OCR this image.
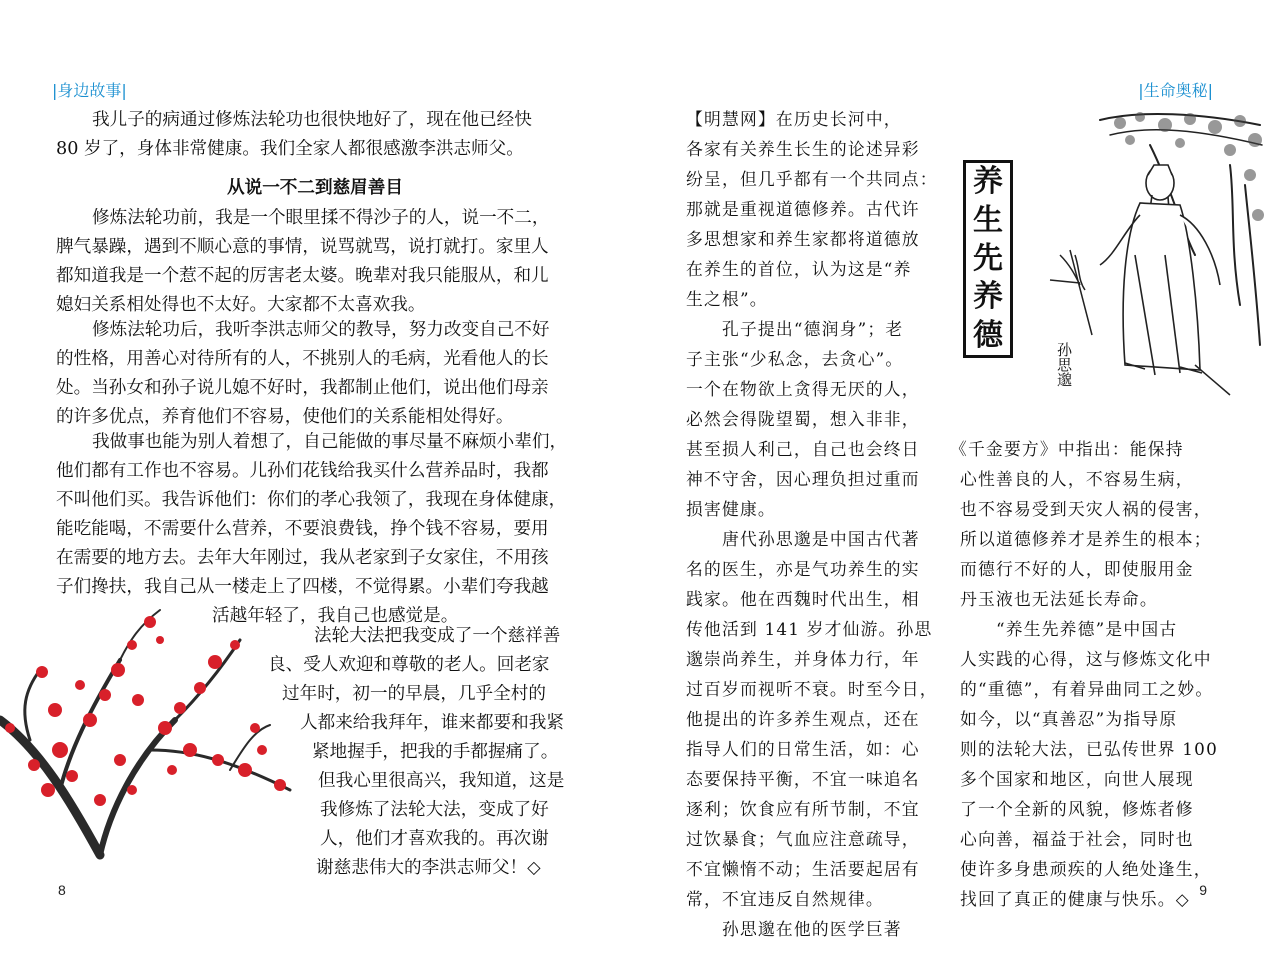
|身边故事|	|生命奥秘|
我儿子的病通过修炼法轮功也很快地好了，现在他已经快
80 岁了，身体非常健康。我们全家人都很感激李洪志师父。
从说一不二到慈眉善目
修炼法轮功前，我是一个眼里揉不得沙子的人，说一不二，
脾气暴躁，遇到不顺心意的事情，说骂就骂，说打就打。家里人
都知道我是一个惹不起的厉害老太婆。晚辈对我只能服从，和儿
媳妇关系相处得也不太好。大家都不太喜欢我。
修炼法轮功后，我听李洪志师父的教导，努力改变自己不好
的性格，用善心对待所有的人，不挑别人的毛病，光看他人的长
处。当孙女和孙子说儿媳不好时，我都制止他们，说出他们母亲
的许多优点，养育他们不容易，使他们的关系能相处得好。
我做事也能为别人着想了，自己能做的事尽量不麻烦小辈们，
他们都有工作也不容易。儿孙们花钱给我买什么营养品时，我都
不叫他们买。我告诉他们：你们的孝心我领了，我现在身体健康，
能吃能喝，不需要什么营养，不要浪费钱，挣个钱不容易，要用
在需要的地方去。去年大年刚过，我从老家到子女家住，不用孩
子们搀扶，我自己从一楼走上了四楼，不觉得累。小辈们夸我越
活越年轻了，我自己也感觉是。
法轮大法把我变成了一个慈祥善
良、受人欢迎和尊敬的老人。回老家
过年时，初一的早晨，几乎全村的
人都来给我拜年，谁来都要和我紧
紧地握手，把我的手都握痛了。
但我心里很高兴，我知道，这是
我修炼了法轮大法，变成了好
人，他们才喜欢我的。再次谢
谢慈悲伟大的李洪志师父！◇
8	9
【明慧网】在历史长河中，
各家有关养生长生的论述异彩
纷呈，但几乎都有一个共同点：
那就是重视道德修养。古代许
多思想家和养生家都将道德放
在养生的首位，认为这是“养
生之根”。
　　孔子提出“德润身”；老
子主张“少私念，去贪心”。
一个在物欲上贪得无厌的人，
必然会得陇望蜀，想入非非，
甚至损人利己，自己也会终日
神不守舍，因心理负担过重而
损害健康。
　　唐代孙思邈是中国古代著
名的医生，亦是气功养生的实
践家。他在西魏时代出生，相
传他活到 141 岁才仙游。孙思
邈崇尚养生，并身体力行，年
过百岁而视听不衰。时至今日，
他提出的许多养生观点，还在
指导人们的日常生活，如：心
态要保持平衡，不宜一味追名
逐利；饮食应有所节制，不宜
过饮暴食；气血应注意疏导，
不宜懒惰不动；生活要起居有
常，不宜违反自然规律。
　　孙思邈在他的医学巨著
养
生
先
养
德
孙思邈
《千金要方》中指出：能保持
心性善良的人，不容易生病，
也不容易受到天灾人祸的侵害，
所以道德修养才是养生的根本；
而德行不好的人，即使服用金
丹玉液也无法延长寿命。
　　“养生先养德”是中国古
人实践的心得，这与修炼文化中
的“重德”，有着异曲同工之妙。
如今，以“真善忍”为指导原
则的法轮大法，已弘传世界 100
多个国家和地区，向世人展现
了一个全新的风貌，修炼者修
心向善，福益于社会，同时也
使许多身患顽疾的人绝处逢生，
找回了真正的健康与快乐。◇
